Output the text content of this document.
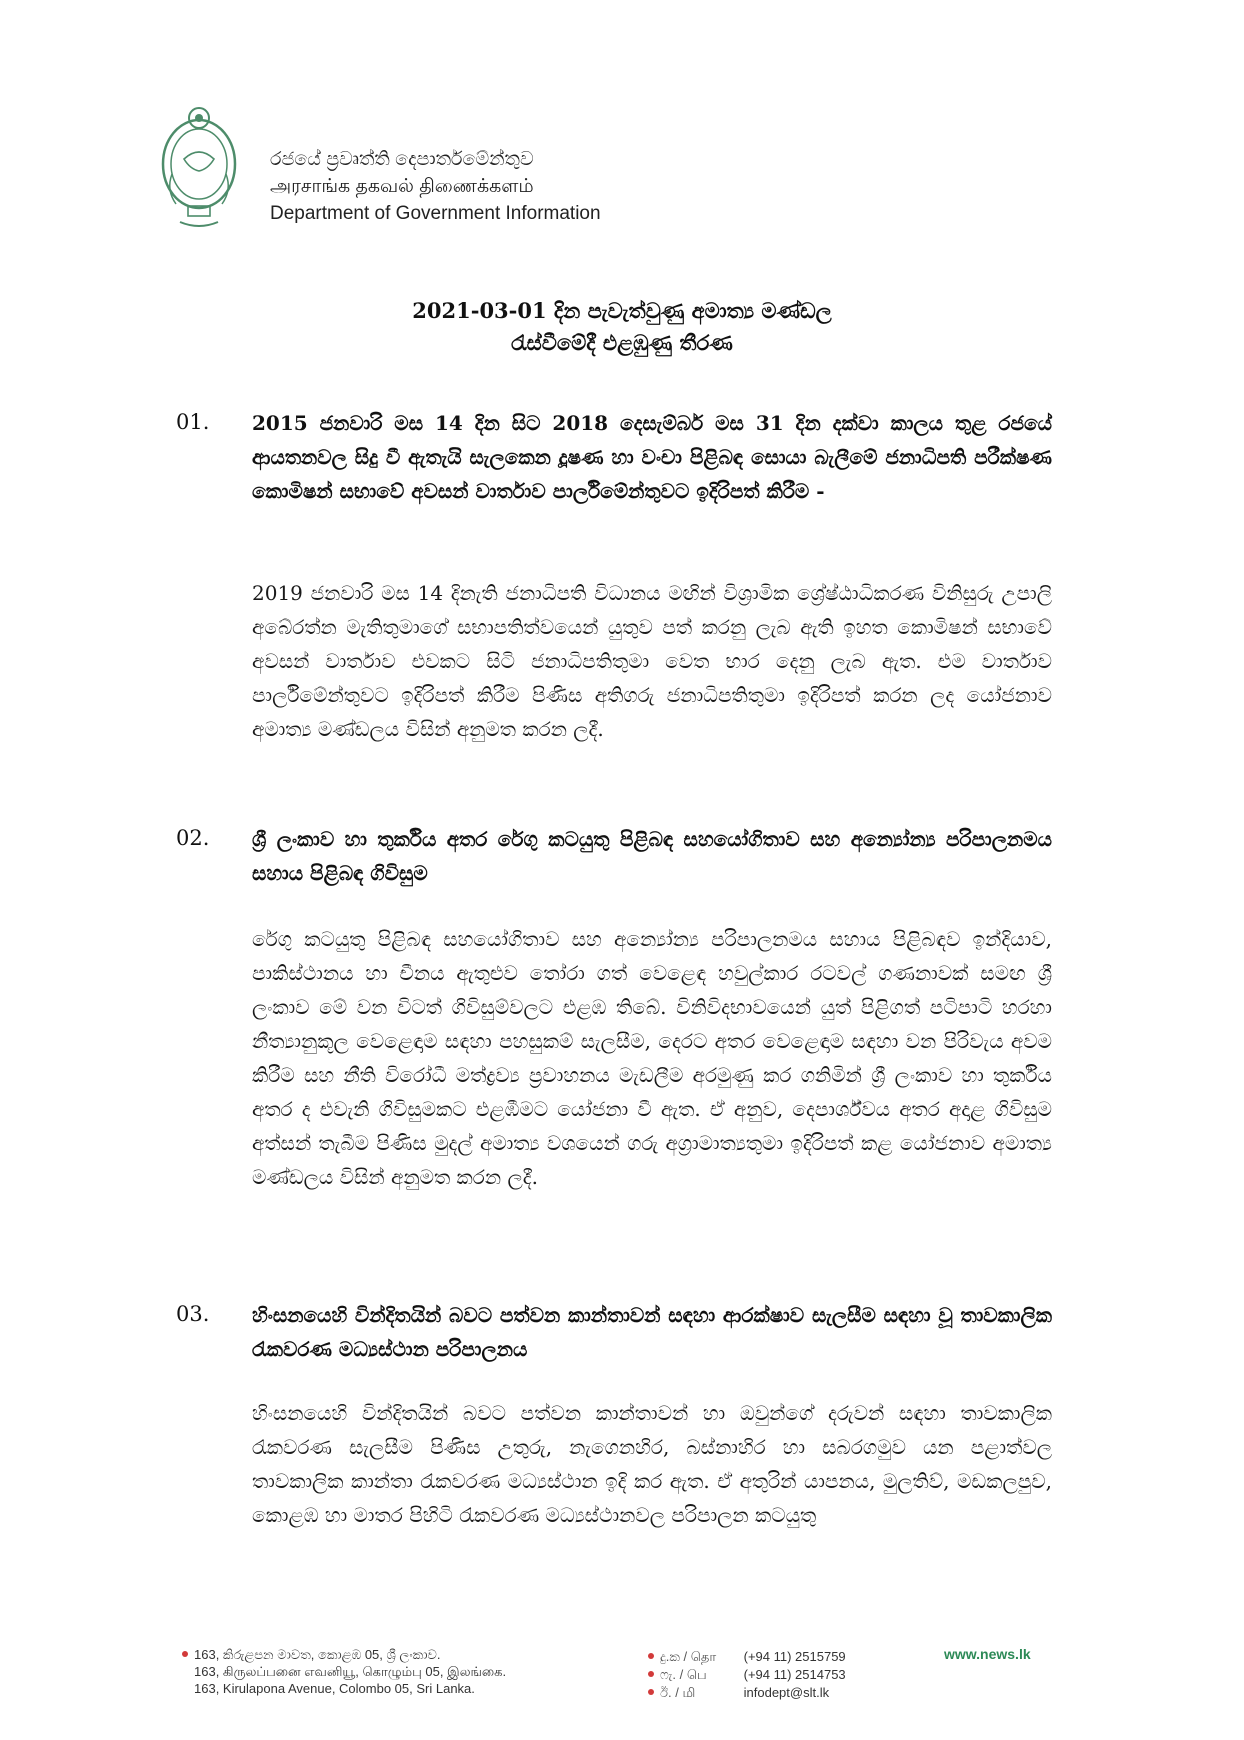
රජයේ ප්‍රවෘත්ති දෙපාර්තමේන්තුව
அரசாங்க தகவல் திணைக்களம்
Department of Government Information
2021-03-01 දින පැවැත්වුණු අමාත්‍ය මණ්ඩල
රැස්වීමේදී එළඹුණු තීරණ
01. 2015 ජනවාරි මස 14 දින සිට 2018 දෙසැම්බර් මස 31 දින දක්වා කාලය තුළ රජයේ ආයතනවල සිදු වී ඇතැයි සැලකෙන දූෂණ හා වංචා පිළිබඳ සොයා බැලීමේ ජනාධිපති පරීක්ෂණ කොමිෂන් සභාවේ අවසන් වාර්තාව පාර්ලිමේන්තුවට ඉදිරිපත් කිරීම -
2019 ජනවාරි මස 14 දිනැති ජනාධිපති විධානය මඟින් විශ්‍රාමික ශ්‍රේෂ්ඨාධිකරණ විනිසුරු උපාලි අබේරත්න මැතිතුමාගේ සභාපතිත්වයෙන් යුතුව පත් කරනු ලැබ ඇති ඉහත කොමිෂන් සභාවේ අවසන් වාර්තාව එවකට සිටි ජනාධිපතිතුමා වෙත භාර දෙනු ලැබ ඇත. එම වාර්තාව පාර්ලිමේන්තුවට ඉදිරිපත් කිරීම පිණිස අතිගරු ජනාධිපතිතුමා ඉදිරිපත් කරන ලද යෝජනාව අමාත්‍ය මණ්ඩලය විසින් අනුමත කරන ලදී.
02. ශ්‍රී ලංකාව හා තුර්කිය අතර රේගු කටයුතු පිළිබඳ සහයෝගිතාව සහ අන්‍යෝන්‍ය පරිපාලනමය සහාය පිළිබඳ ගිවිසුම
රේගු කටයුතු පිළිබඳ සහයෝගිතාව සහ අන්‍යෝන්‍ය පරිපාලනමය සහාය පිළිබඳව ඉන්දියාව, පාකිස්ථානය හා චීනය ඇතුළුව තෝරා ගත් වෙළෙඳ හවුල්කාර රටවල් ගණනාවක් සමඟ ශ්‍රී ලංකාව මේ වන විටත් ගිවිසුම්වලට එළඹ තිබේ. විනිවිදභාවයෙන් යුත් පිළිගත් පටිපාටි හරහා නීත්‍යානුකූල වෙළෙඳාම සඳහා පහසුකම් සැලසීම, දෙරට අතර වෙළෙඳාම සඳහා වන පිරිවැය අවම කිරීම සහ නීති විරෝධී මත්ද්‍රව්‍ය ප්‍රවාහනය මැඩලීම අරමුණු කර ගනිමින් ශ්‍රී ලංකාව හා තුර්කිය අතර ද එවැනි ගිවිසුමකට එළඹීමට යෝජනා වී ඇත. ඒ අනුව, දෙපාර්ශ්වය අතර අදාළ ගිවිසුම අත්සන් තැබීම පිණිස මුදල් අමාත්‍ය වශයෙන් ගරු අග්‍රාමාත්‍යතුමා ඉදිරිපත් කළ යෝජනාව අමාත්‍ය මණ්ඩලය විසින් අනුමත කරන ලදී.
03. හිංසනයෙහි වින්දිතයින් බවට පත්වන කාන්තාවන් සඳහා ආරක්ෂාව සැලසීම සඳහා වූ තාවකාලික රැකවරණ මධ්‍යස්ථාන පරිපාලනය
හිංසනයෙහි වින්දිතයින් බවට පත්වන කාන්තාවන් හා ඔවුන්ගේ දරුවන් සඳහා තාවකාලික රැකවරණ සැලසීම පිණිස උතුරු, නැගෙනහිර, බස්නාහිර හා සබරගමුව යන පළාත්වල තාවකාලික කාන්තා රැකවරණ මධ්‍යස්ථාන ඉදි කර ඇත. ඒ අතුරින් යාපනය, මුලතිව්, මඩකලපුව, කොළඹ හා මාතර පිහිටි රැකවරණ මධ්‍යස්ථානවල පරිපාලන කටයුතු
163, කිරුළපන මාවත, කොළඹ 05, ශ්‍රී ලංකාව.
163, கிருலப்பனை எவனியூ, கொழும்பு 05, இலங்கை.
163, Kirulapona Avenue, Colombo 05, Sri Lanka.
දු.ක / தொ (+94 11) 2515759
ෆැ. / பெ	(+94 11) 2514753
ඊ. / மி	infodept@slt.lk
www.news.lk
